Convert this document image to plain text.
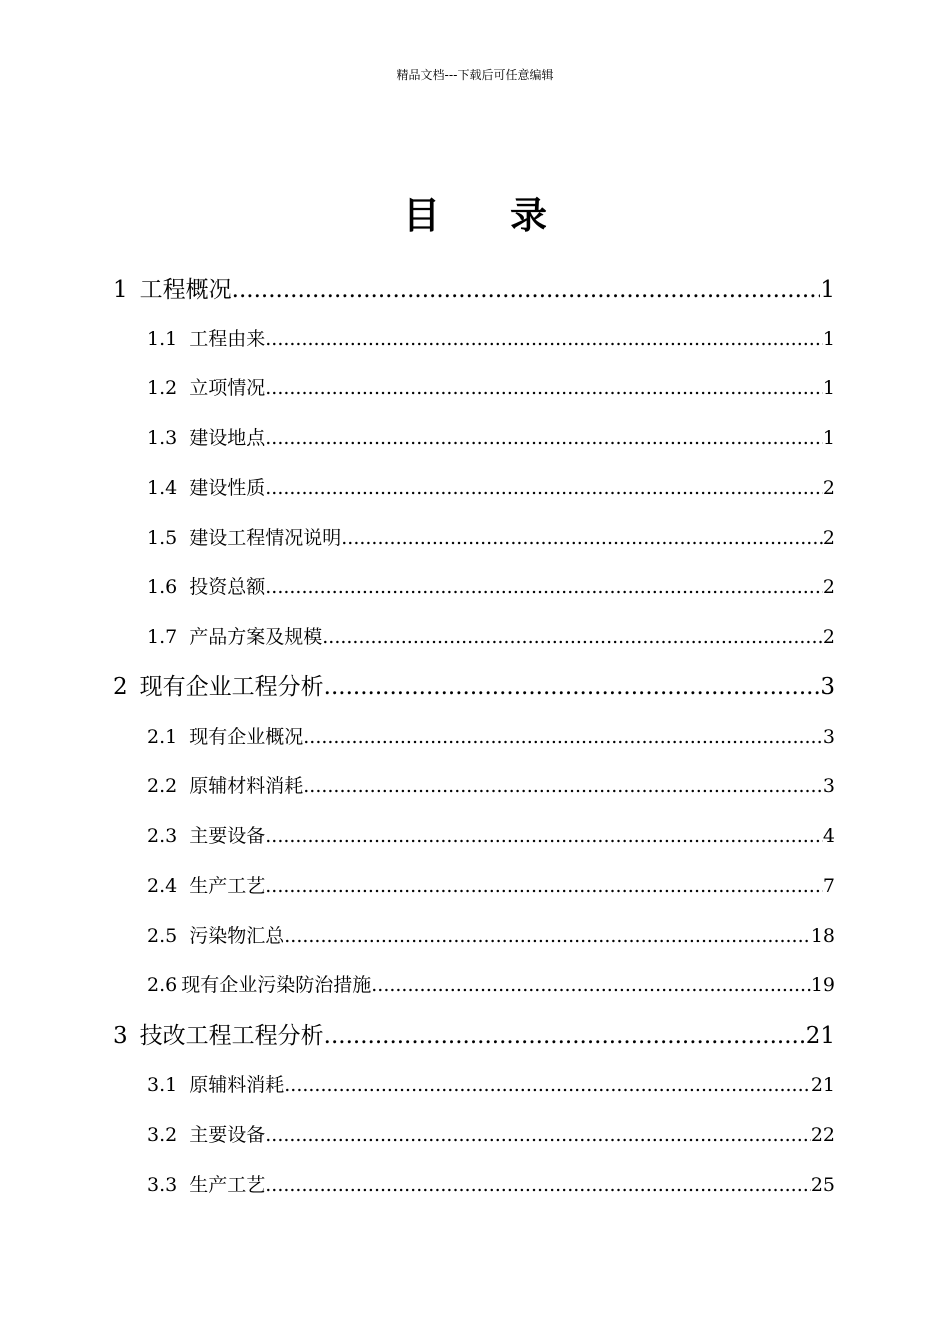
精品文档---下载后可任意编辑
目录
1 工程概况 .....	1
1.1 工程由来 .....	1
1.2 立项情况 .....	1
1.3 建设地点 .....	1
1.4 建设性质 .....	2
1.5 建设工程情况说明 .....	2
1.6 投资总额 .....	2
1.7 产品方案及规模 .....	2
2 现有企业工程分析 .....	3
2.1 现有企业概况 .....	3
2.2 原辅材料消耗 .....	3
2.3 主要设备 .....	4
2.4 生产工艺 .....	7
2.5 污染物汇总 .....	18
2.6 现有企业污染防治措施 .....	19
3 技改工程工程分析 .....	21
3.1 原辅料消耗 .....	21
3.2 主要设备 .....	22
3.3 生产工艺 .....	25
